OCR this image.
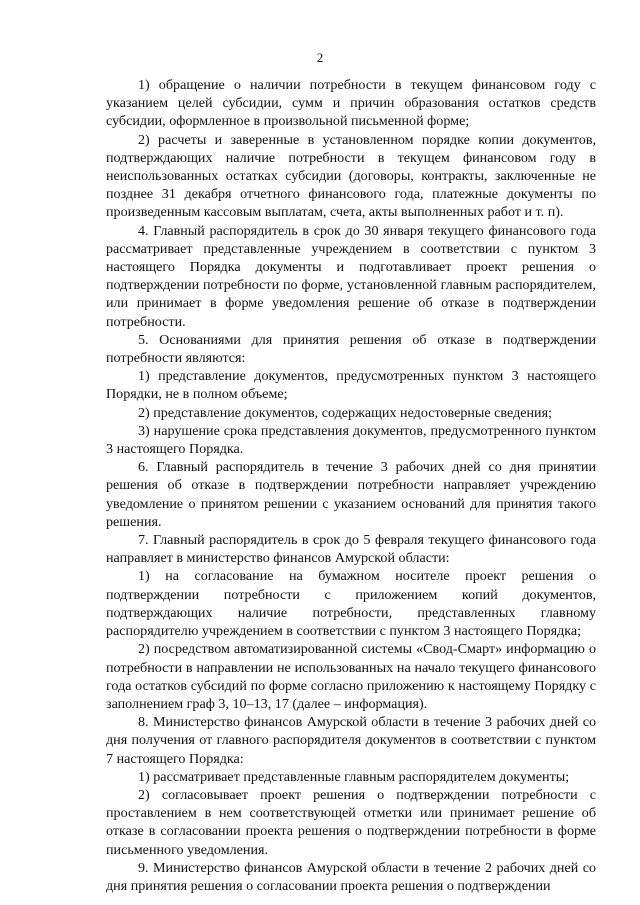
2

1) обращение о наличии потребности в текущем финансовом году с указанием целей субсидии, сумм и причин образования остатков средств субсидии, оформленное в произвольной письменной форме;

2) расчеты и заверенные в установленном порядке копии документов, подтверждающих наличие потребности в текущем финансовом году в неиспользованных остатках субсидии (договоры, контракты, заключенные не позднее 31 декабря отчетного финансового года, платежные документы по произведенным кассовым выплатам, счета, акты выполненных работ и т. п).

4. Главный распорядитель в срок до 30 января текущего финансового года рассматривает представленные учреждением в соответствии с пунктом 3 настоящего Порядка документы и подготавливает проект решения о подтверждении потребности по форме, установленной главным распорядителем, или принимает в форме уведомления решение об отказе в подтверждении потребности.

5. Основаниями для принятия решения об отказе в подтверждении потребности являются:

1) представление документов, предусмотренных пунктом 3 настоящего Порядки, не в полном объеме;

2) представление документов, содержащих недостоверные сведения;

3) нарушение срока представления документов, предусмотренного пунктом 3 настоящего Порядка.

6. Главный распорядитель в течение 3 рабочих дней со дня принятии решения об отказе в подтверждении потребности направляет учреждению уведомление о принятом решении с указанием оснований для принятия такого решения.

7. Главный распорядитель в срок до 5 февраля текущего финансового года направляет в министерство финансов Амурской области:

1) на согласование на бумажном носителе проект решения о подтверждении потребности с приложением копий документов, подтверждающих наличие потребности, представленных главному распорядителю учреждением в соответствии с пунктом 3 настоящего Порядка;

2) посредством автоматизированной системы «Свод-Смарт» информацию о потребности в направлении не использованных на начало текущего финансового года остатков субсидий по форме согласно приложению к настоящему Порядку с заполнением граф 3, 10–13, 17 (далее – информация).

8. Министерство финансов Амурской области в течение 3 рабочих дней со дня получения от главного распорядителя документов в соответствии с пунктом 7 настоящего Порядка:

1) рассматривает представленные главным распорядителем документы;

2) согласовывает проект решения о подтверждении потребности с проставлением в нем соответствующей отметки или принимает решение об отказе в согласовании проекта решения о подтверждении потребности в форме письменного уведомления.

9. Министерство финансов Амурской области в течение 2 рабочих дней со дня принятия решения о согласовании проекта решения о подтверждении
